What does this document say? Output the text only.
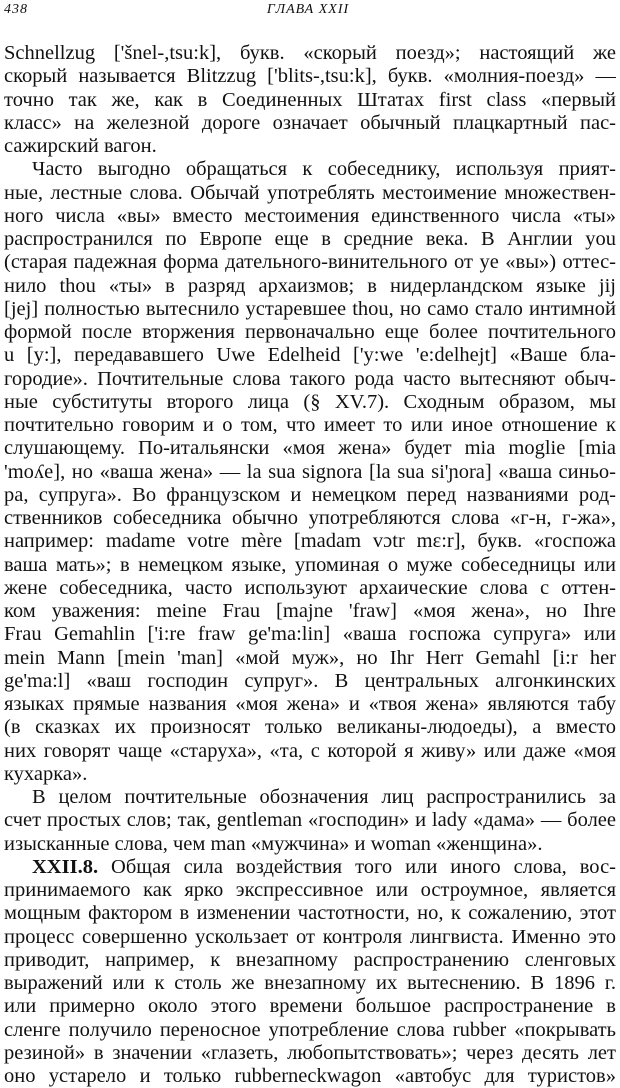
438	ГЛАВА XXII
Schnellzug ['šnel-,tsu:k], букв. «скорый поезд»; настоящий же
скорый называется Blitzzug ['blits-,tsu:k], букв. «молния-поезд» —
точно так же, как в Соединенных Штатах first class «первый
класс» на железной дороге означает обычный плацкартный пас-
сажирский вагон.
Часто выгодно обращаться к собеседнику, используя прият-
ные, лестные слова. Обычай употреблять местоимение множествен-
ного числа «вы» вместо местоимения единственного числа «ты»
распространился по Европе еще в средние века. В Англии you
(старая падежная форма дательного-винительного от ye «вы») оттес-
нило thou «ты» в разряд архаизмов; в нидерландском языке jij
[jej] полностью вытеснило устаревшее thou, но само стало интимной
формой после вторжения первоначально еще более почтительного
u [y:], передававшего Uwe Edelheid ['y:we 'e:delhejt] «Ваше бла-
городие». Почтительные слова такого рода часто вытесняют обыч-
ные субституты второго лица (§ XV.7). Сходным образом, мы
почтительно говорим и о том, что имеет то или иное отношение к
слушающему. По-итальянски «моя жена» будет mia moglie [mia
'moʎe], но «ваша жена» — la sua signora [la sua si'ɲora] «ваша синьо-
ра, супруга». Во французском и немецком перед названиями род-
ственников собеседника обычно употребляются слова «г-н, г-жа»,
например: madame votre mère [madam vɔtr mɛ:r], букв. «госпожа
ваша мать»; в немецком языке, упоминая о муже собеседницы или
жене собеседника, часто используют архаические слова с оттен-
ком уважения: meine Frau [majne 'fraw] «моя жена», но Ihre
Frau Gemahlin ['i:re fraw ge'ma:lin] «ваша госпожа супруга» или
mein Mann [mein 'man] «мой муж», но Ihr Herr Gemahl [i:r her
ge'ma:l] «ваш господин супруг». В центральных алгонкинских
языках прямые названия «моя жена» и «твоя жена» являются табу
(в сказках их произносят только великаны-людоеды), а вместо
них говорят чаще «старуха», «та, с которой я живу» или даже «моя
кухарка».
В целом почтительные обозначения лиц распространились за
счет простых слов; так, gentleman «господин» и lady «дама» — более
изысканные слова, чем man «мужчина» и woman «женщина».
XXII.8. Общая сила воздействия того или иного слова, вос-
принимаемого как ярко экспрессивное или остроумное, является
мощным фактором в изменении частотности, но, к сожалению, этот
процесс совершенно ускользает от контроля лингвиста. Именно это
приводит, например, к внезапному распространению сленговых
выражений или к столь же внезапному их вытеснению. В 1896 г.
или примерно около этого времени большое распространение в
сленге получило переносное употребление слова rubber «покрывать
резиной» в значении «глазеть, любопытствовать»; через десять лет
оно устарело и только rubberneckwagon «автобус для туристов»
